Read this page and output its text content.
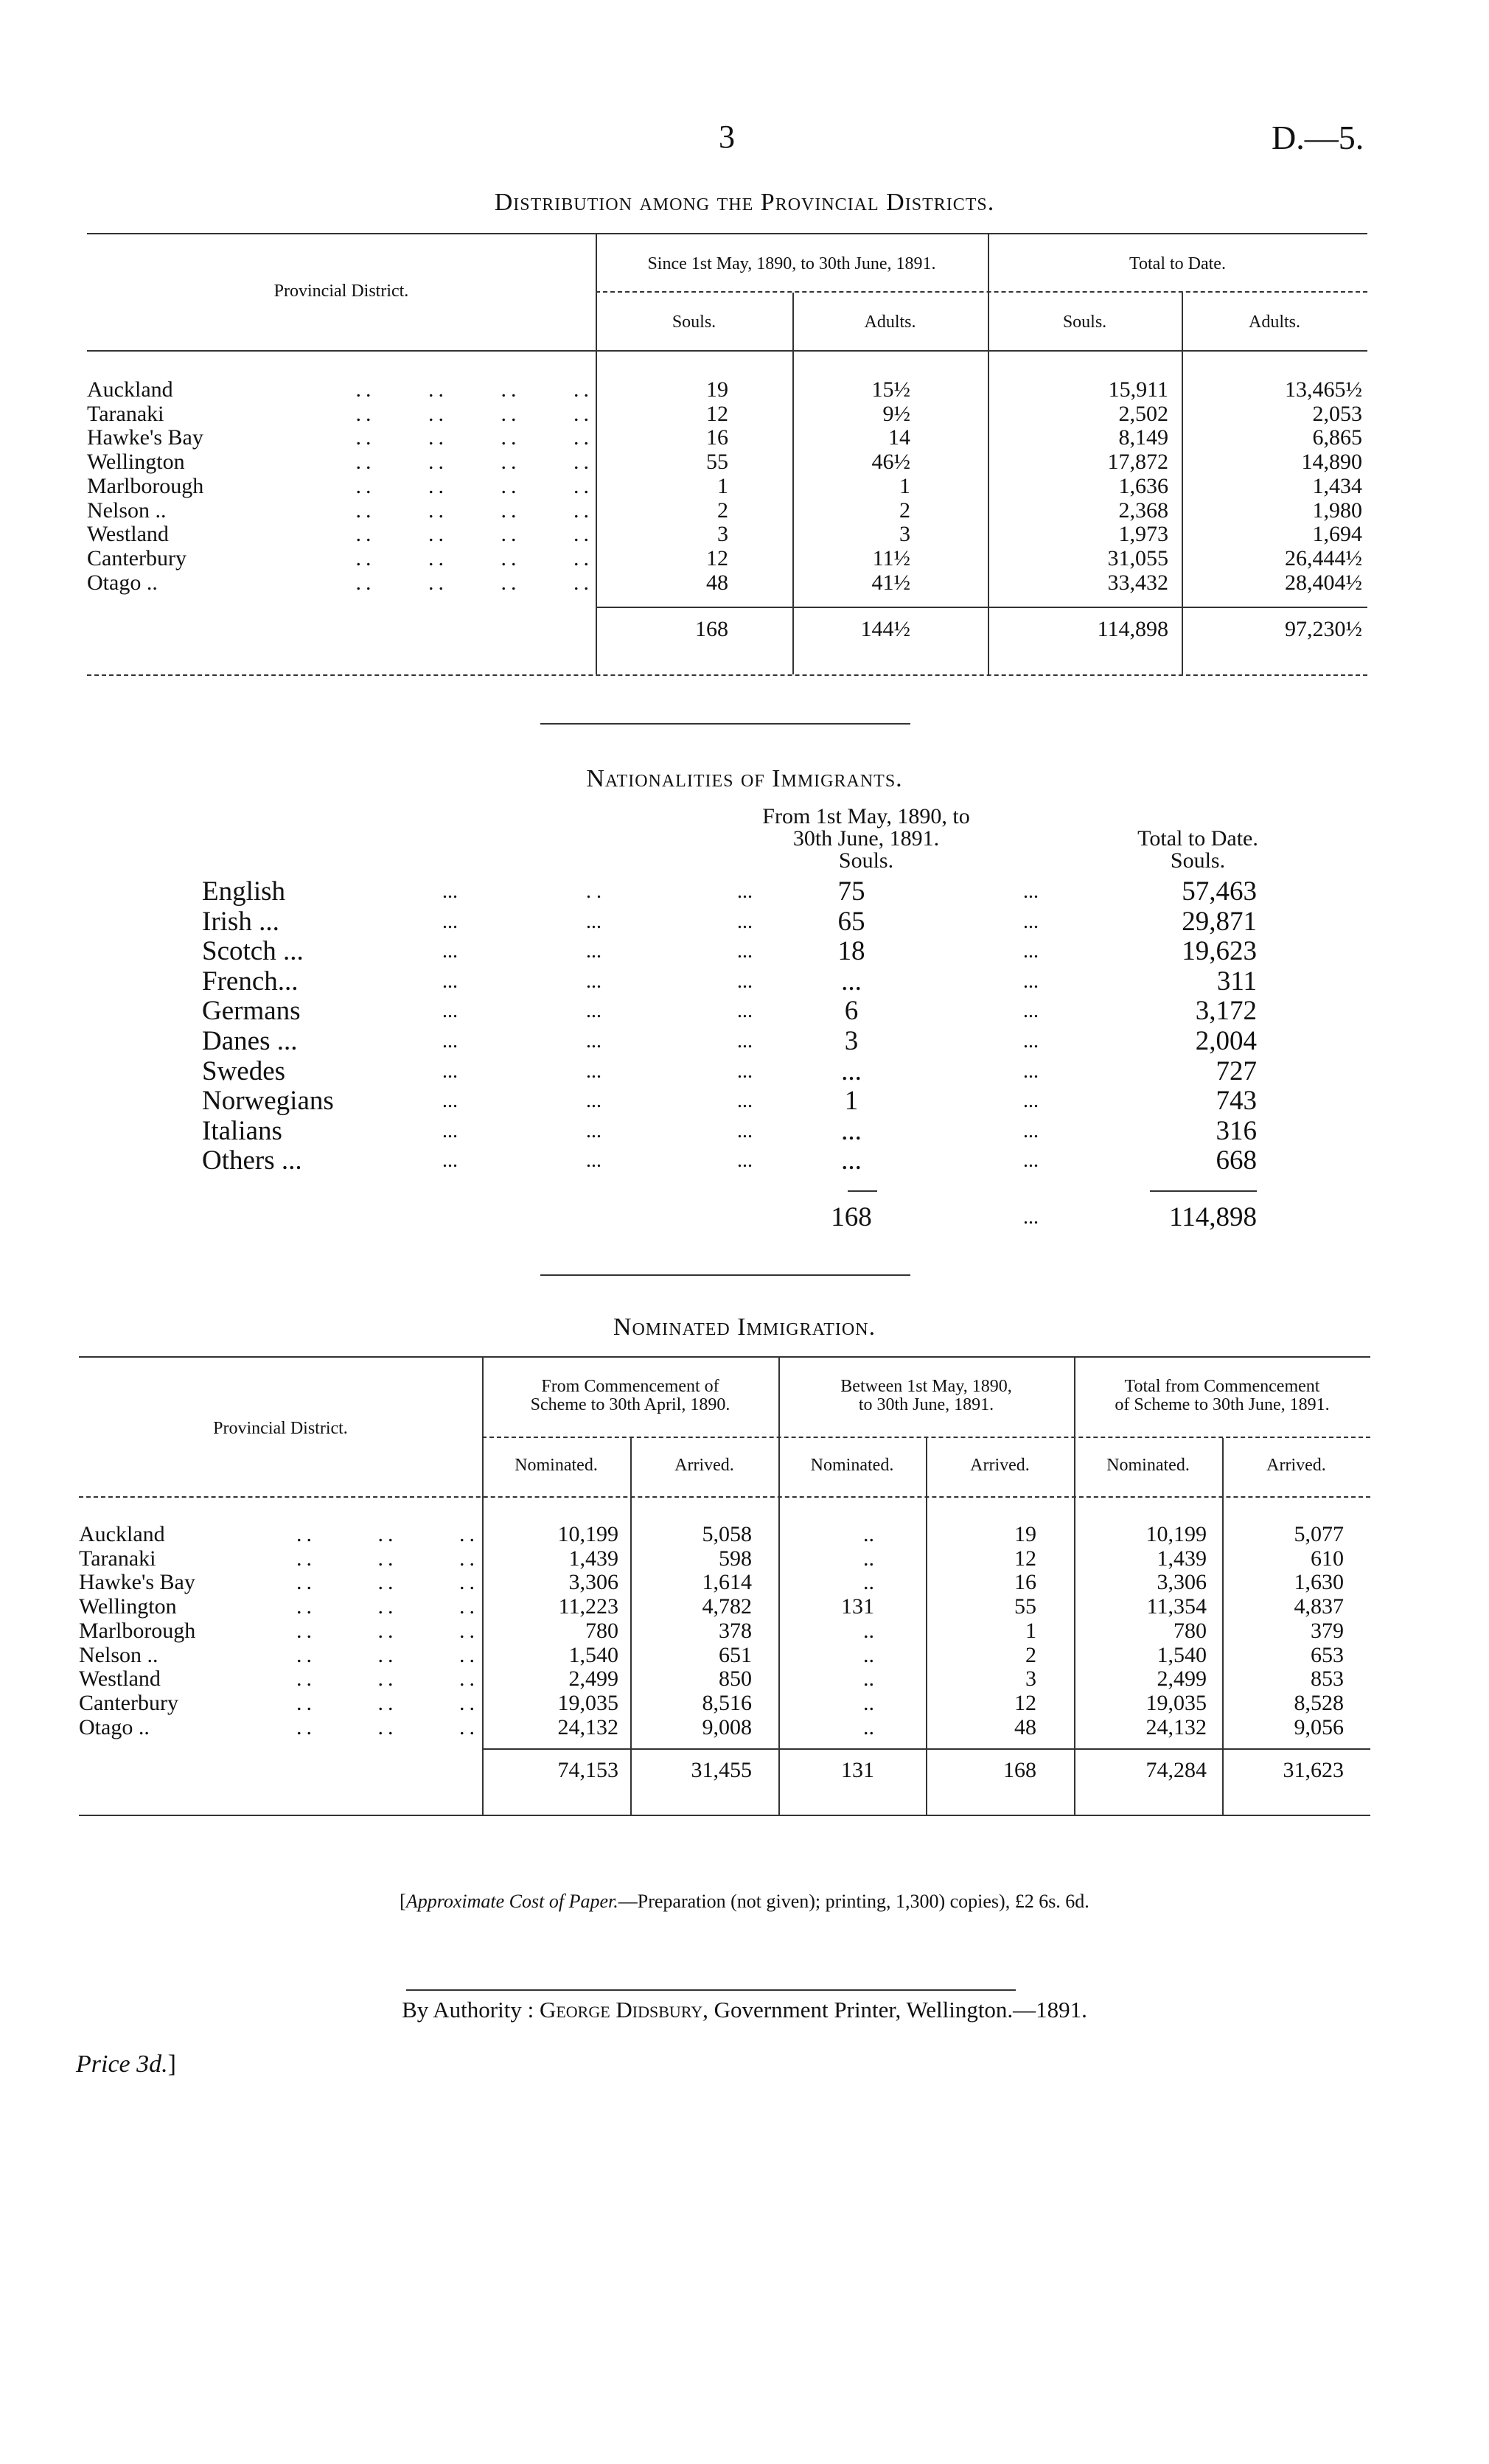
3	D.—5.
Distribution among the Provincial Districts.
Provincial District.
Since 1st May, 1890, to 30th June, 1891.	Total to Date.
Souls.	Adults.	Souls.	Adults.
Auckland	.. .. .. ..	19	15½	15,911	13,465½
Taranaki	.. .. .. ..	12	9½	2,502	2,053
Hawke's Bay	.. .. .. ..	16	14	8,149	6,865
Wellington	.. .. .. ..	55	46½	17,872	14,890
Marlborough	.. .. .. ..	1	1	1,636	1,434
Nelson ..	.. .. .. ..	2	2	2,368	1,980
Westland	.. .. .. ..	3	3	1,973	1,694
Canterbury	.. .. .. ..	12	11½	31,055	26,444½
Otago ..	.. .. .. ..	48	41½	33,432	28,404½
168	144½	114,898	97,230½
Nationalities of Immigrants.
From 1st May, 1890, to
30th June, 1891.
Souls.
Total to Date.
Souls.
English	...	. .	...	75	...	57,463
Irish ...	...	...	...	65	...	29,871
Scotch ...	...	...	...	18	...	19,623
French...	...	...	...	...	...	311
Germans	...	...	...	6	...	3,172
Danes ...	...	...	...	3	...	2,004
Swedes	...	...	...	...	...	727
Norwegians	...	...	...	1	...	743
Italians	...	...	...	...	...	316
Others ...	...	...	...	...	...	668
168	...	114,898
Nominated Immigration.
Provincial District.
From Commencement of
Scheme to 30th April, 1890.
Between 1st May, 1890,
to 30th June, 1891.
Total from Commencement
of Scheme to 30th June, 1891.
Nominated.	Arrived.	Nominated.	Arrived.	Nominated.	Arrived.
Auckland	.. .. ..	10,199	5,058	..	19	10,199	5,077
Taranaki	.. .. ..	1,439	598	..	12	1,439	610
Hawke's Bay	.. .. ..	3,306	1,614	..	16	3,306	1,630
Wellington	.. .. ..	11,223	4,782	131	55	11,354	4,837
Marlborough	.. .. ..	780	378	..	1	780	379
Nelson ..	.. .. ..	1,540	651	..	2	1,540	653
Westland	.. .. ..	2,499	850	..	3	2,499	853
Canterbury	.. .. ..	19,035	8,516	..	12	19,035	8,528
Otago ..	.. .. ..	24,132	9,008	..	48	24,132	9,056
74,153	31,455	131	168	74,284	31,623
[Approximate Cost of Paper.—Preparation (not given); printing, 1,300) copies), £2 6s. 6d.
By Authority : George Didsbury, Government Printer, Wellington.—1891.
Price 3d.]
